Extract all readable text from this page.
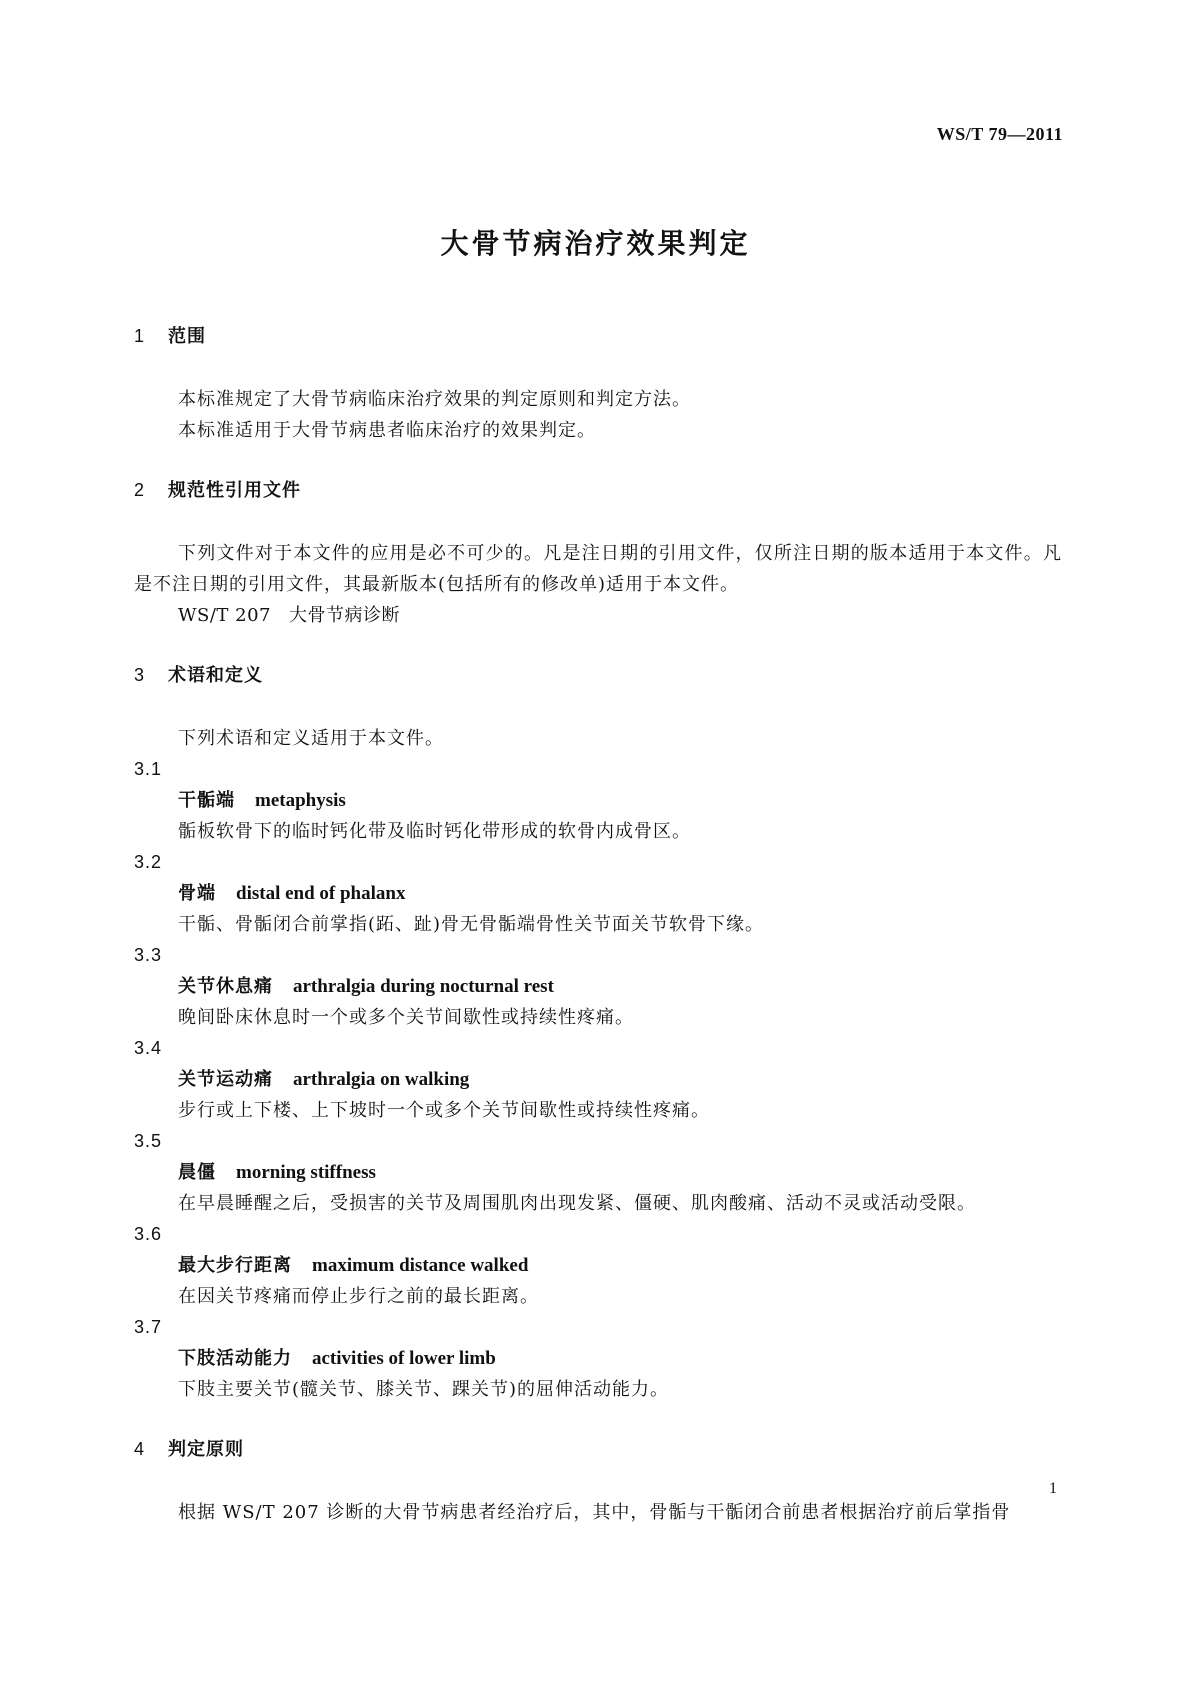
WS/T 79—2011
大骨节病治疗效果判定
1 范围
本标准规定了大骨节病临床治疗效果的判定原则和判定方法。
本标准适用于大骨节病患者临床治疗的效果判定。
2 规范性引用文件
下列文件对于本文件的应用是必不可少的。凡是注日期的引用文件，仅所注日期的版本适用于本文件。凡是不注日期的引用文件，其最新版本(包括所有的修改单)适用于本文件。
WS/T 207 大骨节病诊断
3 术语和定义
下列术语和定义适用于本文件。
3.1
干骺端 metaphysis
骺板软骨下的临时钙化带及临时钙化带形成的软骨内成骨区。
3.2
骨端 distal end of phalanx
干骺、骨骺闭合前掌指(跖、趾)骨无骨骺端骨性关节面关节软骨下缘。
3.3
关节休息痛 arthralgia during nocturnal rest
晚间卧床休息时一个或多个关节间歇性或持续性疼痛。
3.4
关节运动痛 arthralgia on walking
步行或上下楼、上下坡时一个或多个关节间歇性或持续性疼痛。
3.5
晨僵 morning stiffness
在早晨睡醒之后，受损害的关节及周围肌肉出现发紧、僵硬、肌肉酸痛、活动不灵或活动受限。
3.6
最大步行距离 maximum distance walked
在因关节疼痛而停止步行之前的最长距离。
3.7
下肢活动能力 activities of lower limb
下肢主要关节(髋关节、膝关节、踝关节)的屈伸活动能力。
4 判定原则
根据 WS/T 207 诊断的大骨节病患者经治疗后，其中，骨骺与干骺闭合前患者根据治疗前后掌指骨
1
